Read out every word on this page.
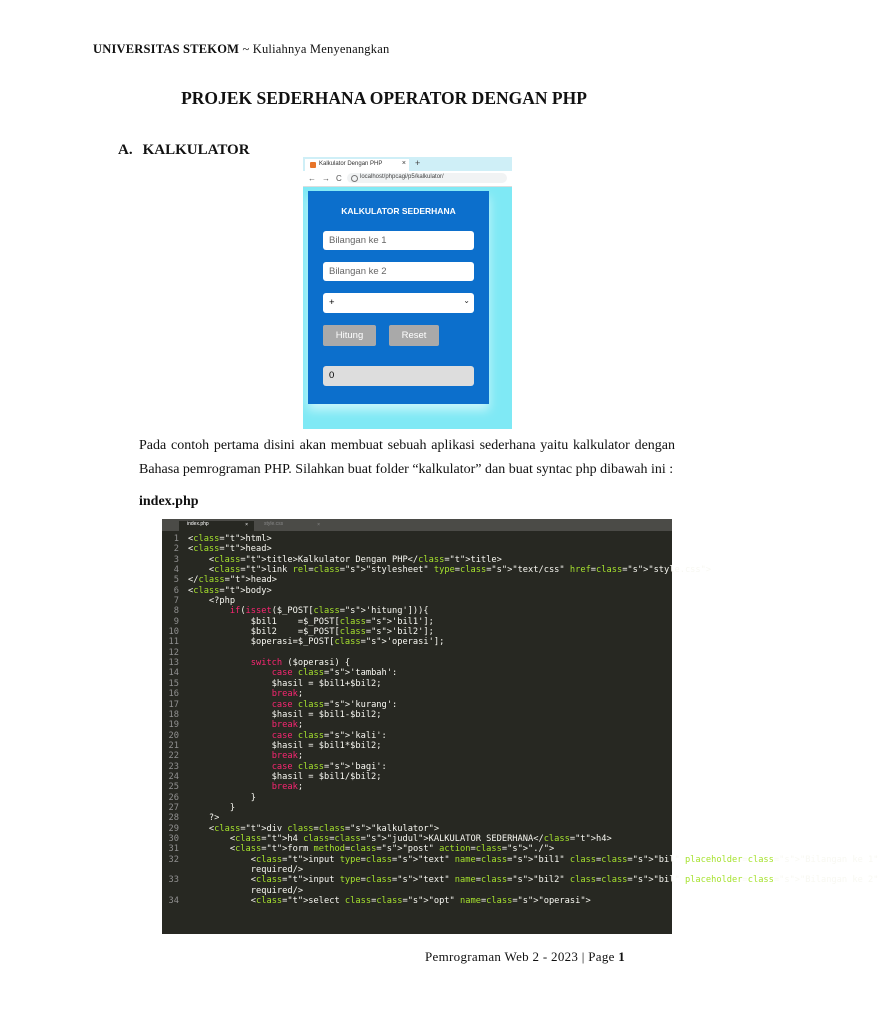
UNIVERSITAS STEKOM ~ Kuliahnya Menyenangkan
PROJEK SEDERHANA OPERATOR DENGAN PHP
A. KALKULATOR
Kalkulator Dengan PHP	× +
← → C	localhost/phpcagi/p5/kalkulator/
KALKULATOR SEDERHANA
Bilangan ke 1
Bilangan ke 2
+	⌄
Hitung	Reset
0
Pada contoh pertama disini akan membuat sebuah aplikasi sederhana yaitu kalkulator dengan Bahasa pemrograman PHP. Silahkan buat folder “kalkulator” dan buat syntac php dibawah ini :
index.php
index.php	×	style.css	×
1 <class="t">html>
2 <class="t">head>
3 <class="t">title>Kalkulator Dengan PHP</class="t">title>
4 <class="t">link rel=class="s">"stylesheet" type=class="s">"text/css" href=class="s">"style.css">
5 </class="t">head>
6 <class="t">body>
7 <?php
8	if(isset($_POST[class="s">'hitung'])){
9 $bil1    =$_POST[class="s">'bil1'];
10 $bil2    =$_POST[class="s">'bil2'];
11 $operasi=$_POST[class="s">'operasi'];
12
13	switch ($operasi) {
14	case class="s">'tambah':
15 $hasil = $bil1+$bil2;
16	break;
17	case class="s">'kurang':
18 $hasil = $bil1-$bil2;
19	break;
20	case class="s">'kali':
21 $hasil = $bil1*$bil2;
22	break;
23	case class="s">'bagi':
24 $hasil = $bil1/$bil2;
25	break;
26 }
27 }
28 ?>
29 <class="t">div class=class="s">"kalkulator">
30 <class="t">h4 class=class="s">"judul">KALKULATOR SEDERHANA</class="t">h4>
31 <class="t">form method=class="s">"post" action=class="s">"./">
32 <class="t">input type=class="s">"text" name=class="s">"bil1" class=class="s">"bil" placeholder=class="s">"Bilangan ke 1"
required/>
33 <class="t">input type=class="s">"text" name=class="s">"bil2" class=class="s">"bil" placeholder=class="s">"Bilangan ke 2"
required/>
34 <class="t">select class=class="s">"opt" name=class="s">"operasi">
Pemrograman Web 2 - 2023 | Page 1
